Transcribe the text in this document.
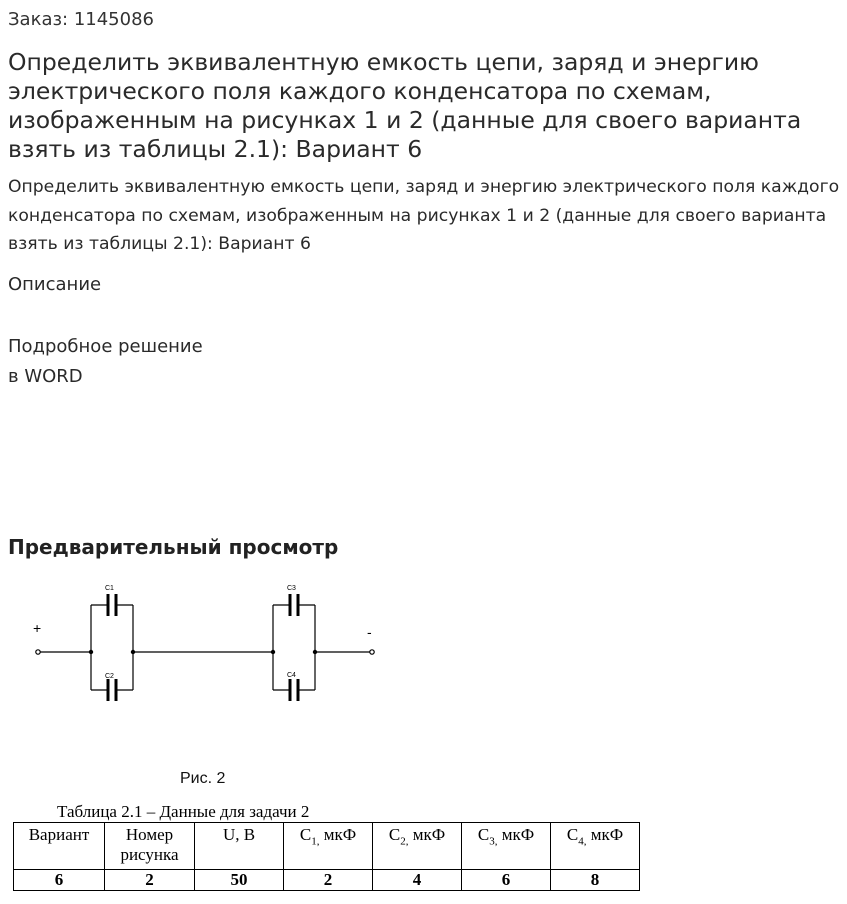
Заказ: 1145086
Определить эквивалентную емкость цепи, заряд и энергию электрического поля каждого конденсатора по схемам, изображенным на рисунках 1 и 2 (данные для своего варианта взять из таблицы 2.1): Вариант 6
Определить эквивалентную емкость цепи, заряд и энергию электрического поля каждого конденсатора по схемам, изображенным на рисунках 1 и 2 (данные для своего варианта взять из таблицы 2.1): Вариант 6
Описание
Подробное решение
в WORD
Предварительный просмотр
+	-
C1
C2
C3
C4
Рис. 2
Таблица 2.1 – Данные для задачи 2
Вариант	Номер рисунка	U, В	$C_{1,}$ мкФ	$C_{2,}$ мкФ	$C_{3,}$ мкФ	$C_{4,}$ мкФ
6	2	50	2	4	6	8
